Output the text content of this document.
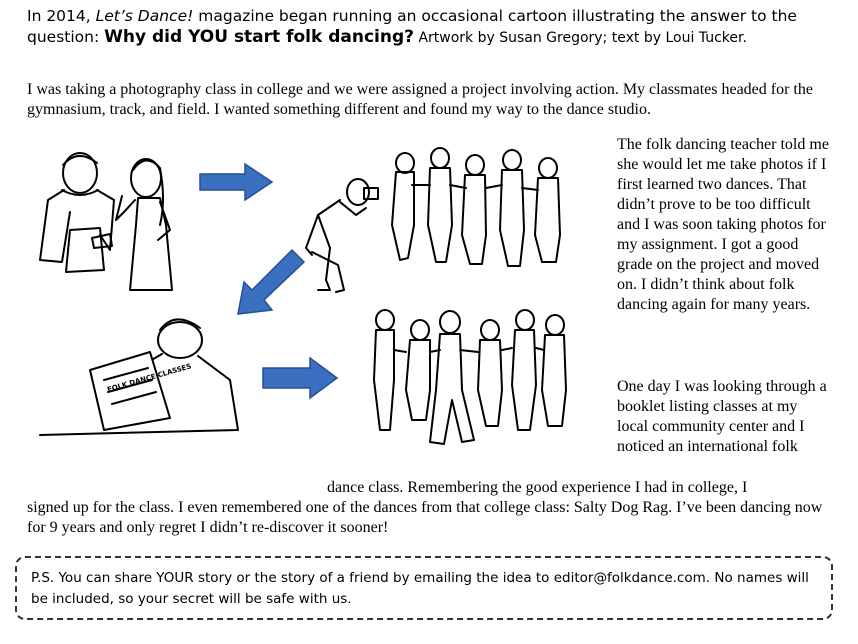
In 2014, Let’s Dance! magazine began running an occasional cartoon illustrating the answer to the question: Why did YOU start folk dancing? Artwork by Susan Gregory; text by Loui Tucker.
I was taking a photography class in college and we were assigned a project involving action. My classmates headed for the gymnasium, track, and field. I wanted something different and found my way to the dance studio.
FOLK DANCE CLASSES
The folk dancing teacher told me she would let me take photos if I first learned two dances. That didn’t prove to be too difficult and I was soon taking photos for my assignment. I got a good grade on the project and moved on. I didn’t think about folk dancing again for many years.
One day I was looking through a booklet listing classes at my local community center and I noticed an international folk
dance class. Remembering the good experience I had in college, I
signed up for the class. I even remembered one of the dances from that college class: Salty Dog Rag. I’ve been dancing now for 9 years and only regret I didn’t re-discover it sooner!
P.S. You can share YOUR story or the story of a friend by emailing the idea to editor@folkdance.com. No names will be included, so your secret will be safe with us.
